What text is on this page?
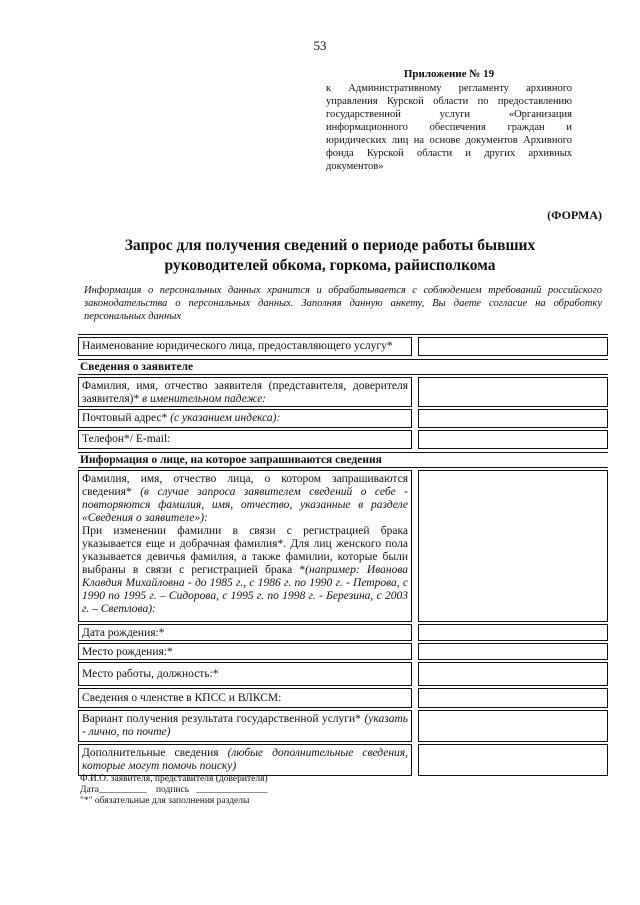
53
Приложение № 19
к Административному регламенту архивного управления Курской области по предоставлению государственной услуги «Организация информационного обеспечения граждан и юридических лиц на основе документов Архивного фонда Курской области и других архивных документов»
(ФОРМА)
Запрос для получения сведений о периоде работы бывших
руководителей обкома, горкома, райисполкома
Информация о персональных данных хранится и обрабатывается с соблюдением требований российского законодательства о персональных данных. Заполняя данную анкету, Вы даете согласие на обработку персональных данных
Наименование юридического лица, предоставляющего услугу*
Сведения о заявителе
Фамилия, имя, отчество заявителя (представителя, доверителя заявителя)* в именительном падеже:
Почтовый адрес* (с указанием индекса):
Телефон*/ E-mail:
Информация о лице, на которое запрашиваются сведения
Фамилия, имя, отчество лица, о котором запрашиваются сведения* (в случае запроса заявителем сведений о себе - повторяются фамилия, имя, отчество, указанные в разделе «Сведения о заявителе»):
При изменении фамилии в связи с регистрацией брака указывается еще и добрачная фамилия*. Для лиц женского пола указывается девичья фамилия, а также фамилии, которые были выбраны в связи с регистрацией брака *(например: Иванова Клавдия Михайловна - до 1985 г., с 1986 г. по 1990 г. - Петрова, с 1990 по 1995 г. – Сидорова, с 1995 г. по 1998 г. - Березина, с 2003 г. – Светлова):
Дата рождения:*
Место рождения:*
Место работы, должность:*
Сведения о членстве в КПСС и ВЛКСМ:
Вариант получения результата государственной услуги* (указать - лично, по почте)
Дополнительные сведения (любые дополнительные сведения, которые могут помочь поиску)
Ф.И.О. заявителя, представителя (доверителя)
Дата__________ подпись _______________
"*" обязательные для заполнения разделы
